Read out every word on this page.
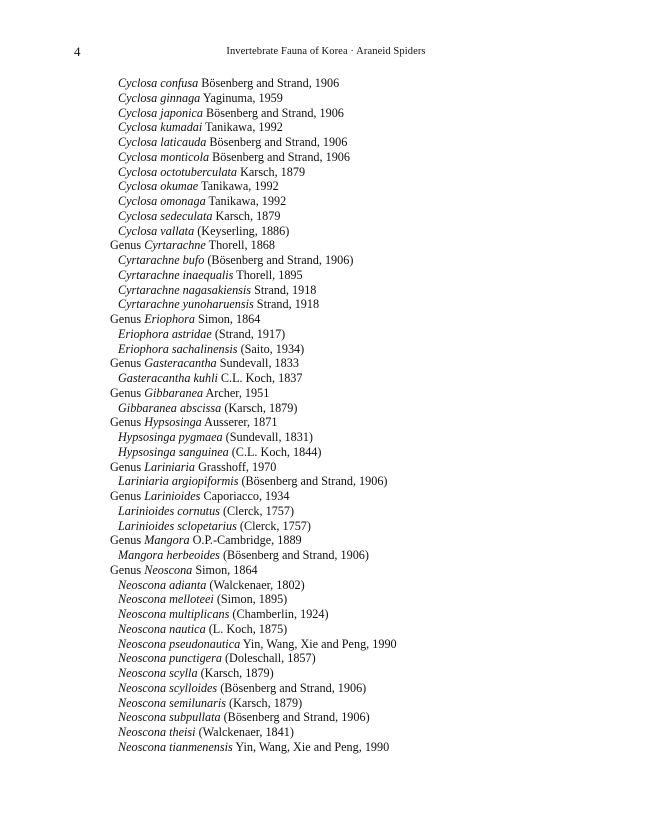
4	Invertebrate Fauna of Korea · Araneid Spiders
Cyclosa confusa Bösenberg and Strand, 1906
Cyclosa ginnaga Yaginuma, 1959
Cyclosa japonica Bösenberg and Strand, 1906
Cyclosa kumadai Tanikawa, 1992
Cyclosa laticauda Bösenberg and Strand, 1906
Cyclosa monticola Bösenberg and Strand, 1906
Cyclosa octotuberculata Karsch, 1879
Cyclosa okumae Tanikawa, 1992
Cyclosa omonaga Tanikawa, 1992
Cyclosa sedeculata Karsch, 1879
Cyclosa vallata (Keyserling, 1886)
Genus Cyrtarachne Thorell, 1868
Cyrtarachne bufo (Bösenberg and Strand, 1906)
Cyrtarachne inaequalis Thorell, 1895
Cyrtarachne nagasakiensis Strand, 1918
Cyrtarachne yunoharuensis Strand, 1918
Genus Eriophora Simon, 1864
Eriophora astridae (Strand, 1917)
Eriophora sachalinensis (Saito, 1934)
Genus Gasteracantha Sundevall, 1833
Gasteracantha kuhli C.L. Koch, 1837
Genus Gibbaranea Archer, 1951
Gibbaranea abscissa (Karsch, 1879)
Genus Hypsosinga Ausserer, 1871
Hypsosinga pygmaea (Sundevall, 1831)
Hypsosinga sanguinea (C.L. Koch, 1844)
Genus Lariniaria Grasshoff, 1970
Lariniaria argiopiformis (Bösenberg and Strand, 1906)
Genus Larinioides Caporiacco, 1934
Larinioides cornutus (Clerck, 1757)
Larinioides sclopetarius (Clerck, 1757)
Genus Mangora O.P.-Cambridge, 1889
Mangora herbeoides (Bösenberg and Strand, 1906)
Genus Neoscona Simon, 1864
Neoscona adianta (Walckenaer, 1802)
Neoscona melloteei (Simon, 1895)
Neoscona multiplicans (Chamberlin, 1924)
Neoscona nautica (L. Koch, 1875)
Neoscona pseudonautica Yin, Wang, Xie and Peng, 1990
Neoscona punctigera (Doleschall, 1857)
Neoscona scylla (Karsch, 1879)
Neoscona scylloides (Bösenberg and Strand, 1906)
Neoscona semilunaris (Karsch, 1879)
Neoscona subpullata (Bösenberg and Strand, 1906)
Neoscona theisi (Walckenaer, 1841)
Neoscona tianmenensis Yin, Wang, Xie and Peng, 1990
